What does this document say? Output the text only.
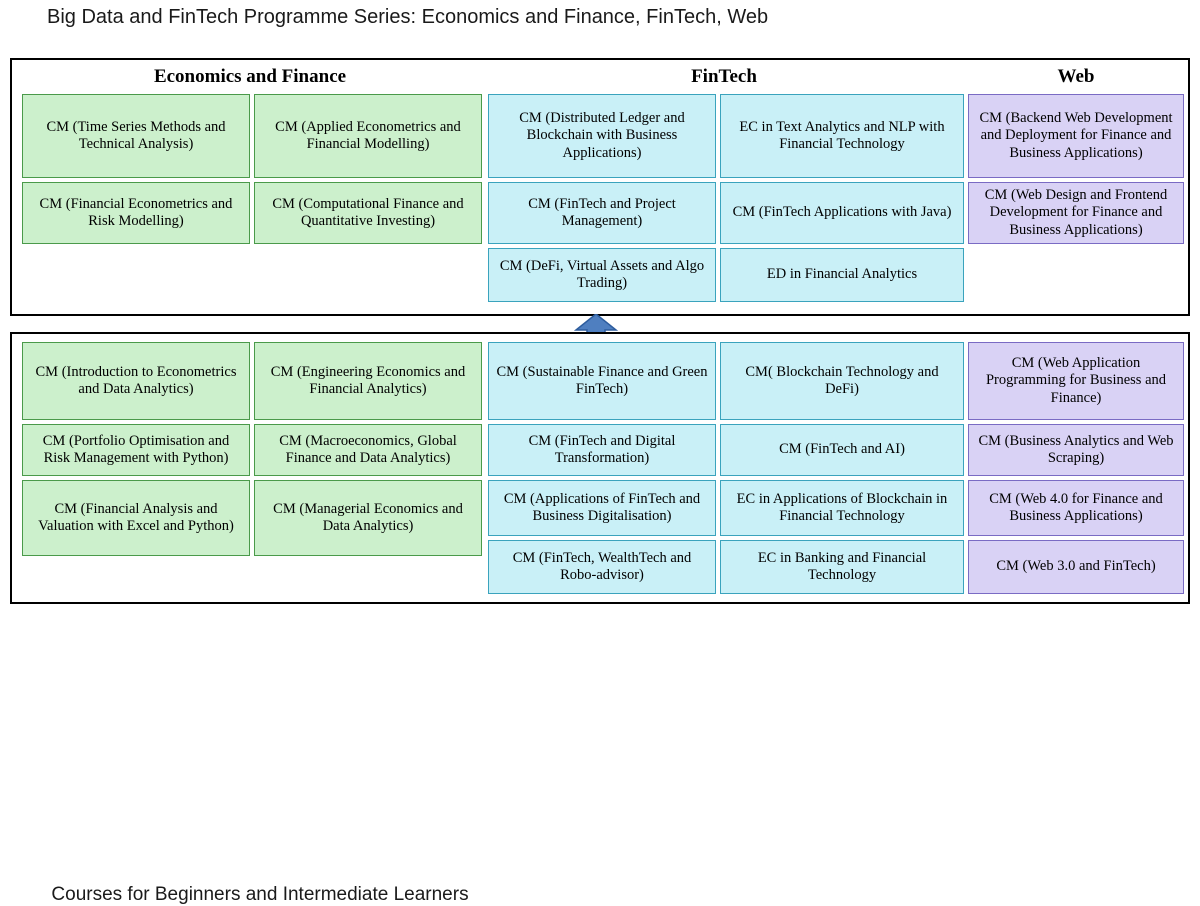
Big Data and FinTech Programme Series: Economics and Finance, FinTech, Web
Economics and Finance	FinTech	Web
CM (Time Series Methods and Technical Analysis)
CM (Applied Econometrics and Financial Modelling)
CM (Financial Econometrics and Risk Modelling)
CM (Computational Finance and Quantitative Investing)
CM (Distributed Ledger and Blockchain with Business Applications)
EC in Text Analytics and NLP with Financial Technology
CM (FinTech and Project Management)
CM (FinTech Applications with Java)
CM (DeFi, Virtual Assets and Algo Trading)
ED in Financial Analytics
CM (Backend Web Development and Deployment for Finance and Business Applications)
CM (Web Design and Frontend Development for Finance and Business Applications)
CM (Introduction to Econometrics and Data Analytics)
CM (Engineering Economics and Financial Analytics)
CM (Portfolio Optimisation and Risk Management with Python)
CM (Macroeconomics, Global Finance and Data Analytics)
CM (Financial Analysis and Valuation with Excel and Python)
CM (Managerial Economics and Data Analytics)
CM (Sustainable Finance and Green FinTech)
CM( Blockchain Technology and DeFi)
CM (FinTech and Digital Transformation)
CM (FinTech and AI)
CM (Applications of FinTech and Business Digitalisation)
EC in Applications of Blockchain in Financial Technology
CM (FinTech, WealthTech and Robo-advisor)
EC in Banking and Financial Technology
CM (Web Application Programming for Business and Finance)
CM (Business Analytics and Web Scraping)
CM (Web 4.0 for Finance and Business Applications)
CM (Web 3.0 and FinTech)
Courses for Beginners and Intermediate Learners
